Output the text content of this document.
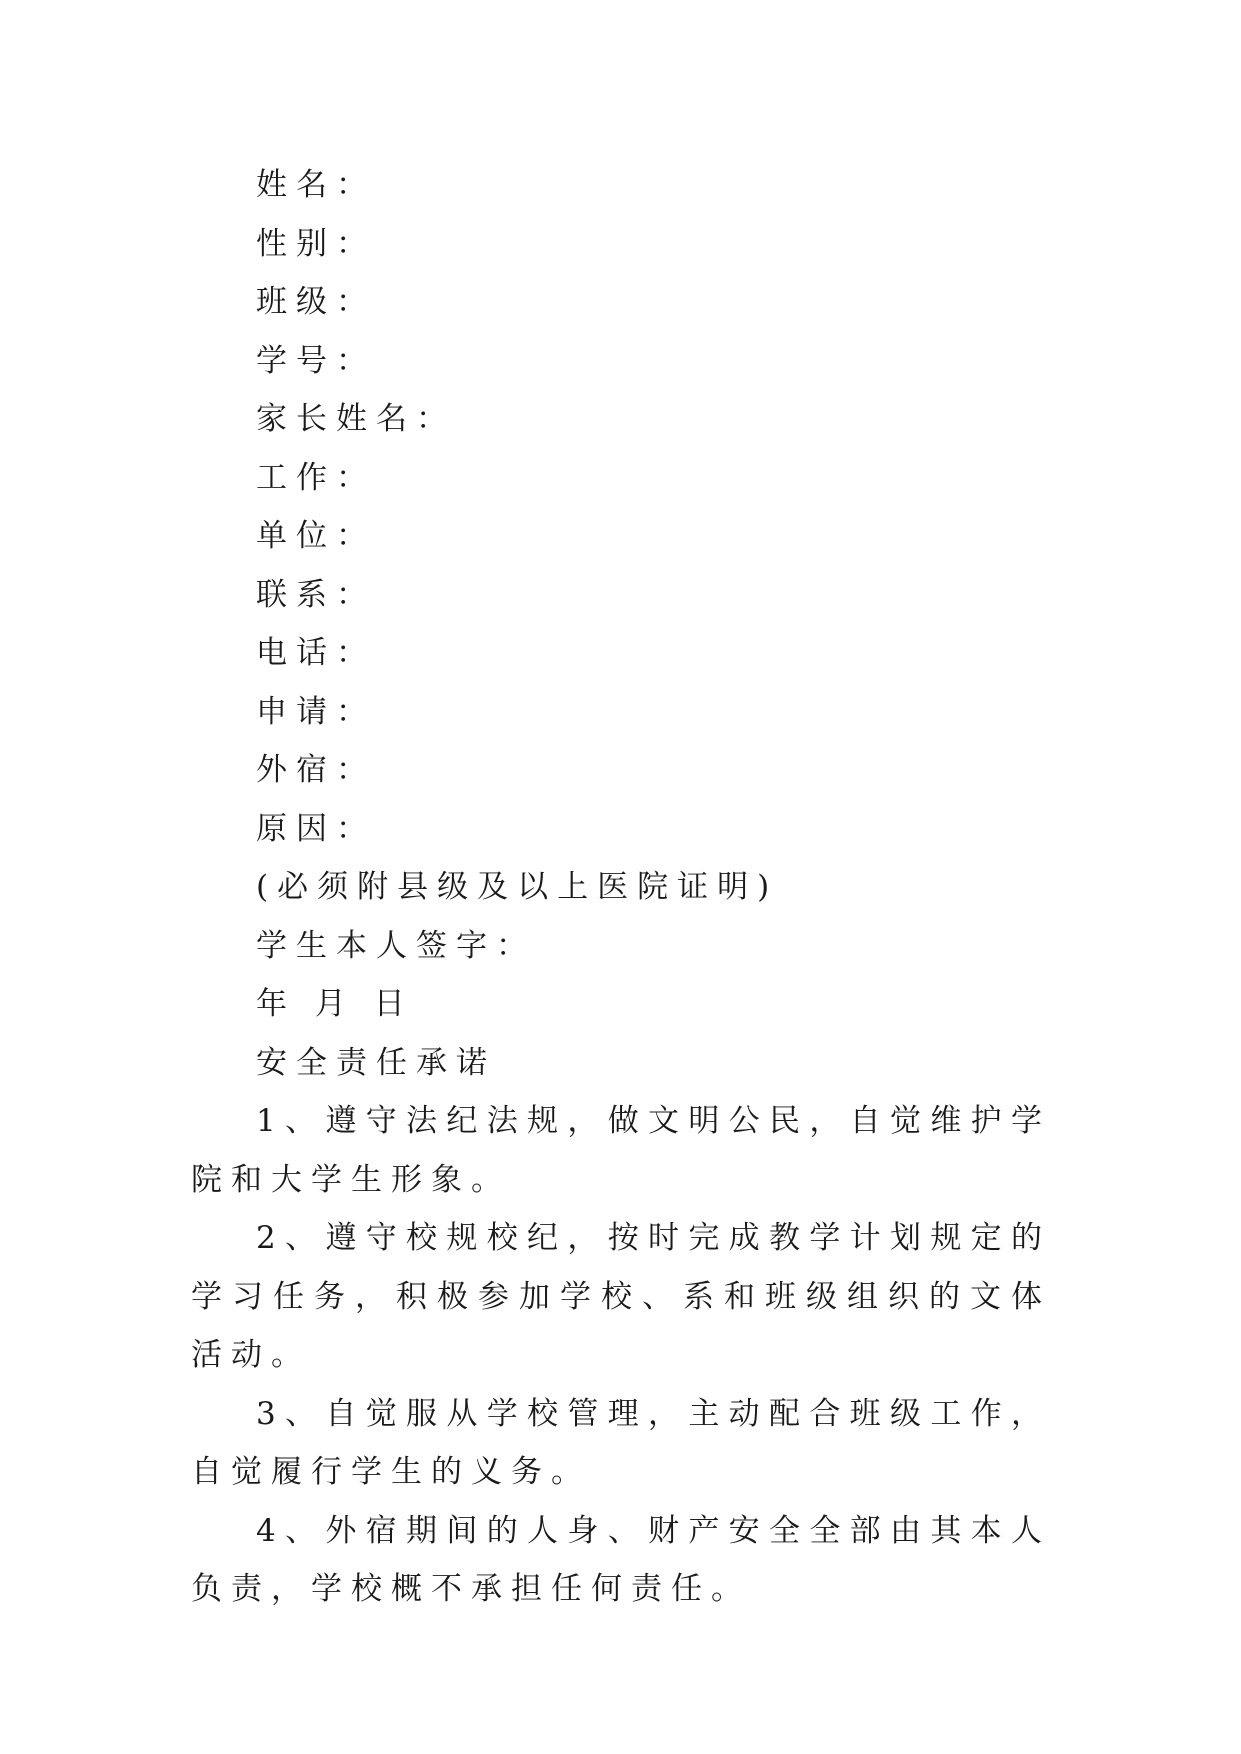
姓名：

性别：

班级：

学号：

家长姓名：

工作：

单位：

联系：

电话：

申请：

外宿：

原因：

(必须附县级及以上医院证明)

学生本人签字：

年 月 日

安全责任承诺

1、遵守法纪法规，做文明公民，自觉维护学院和大学生形象。

2、遵守校规校纪，按时完成教学计划规定的学习任务，积极参加学校、系和班级组织的文体活动。

3、自觉服从学校管理，主动配合班级工作，自觉履行学生的义务。

4、外宿期间的人身、财产安全全部由其本人负责，学校概不承担任何责任。
